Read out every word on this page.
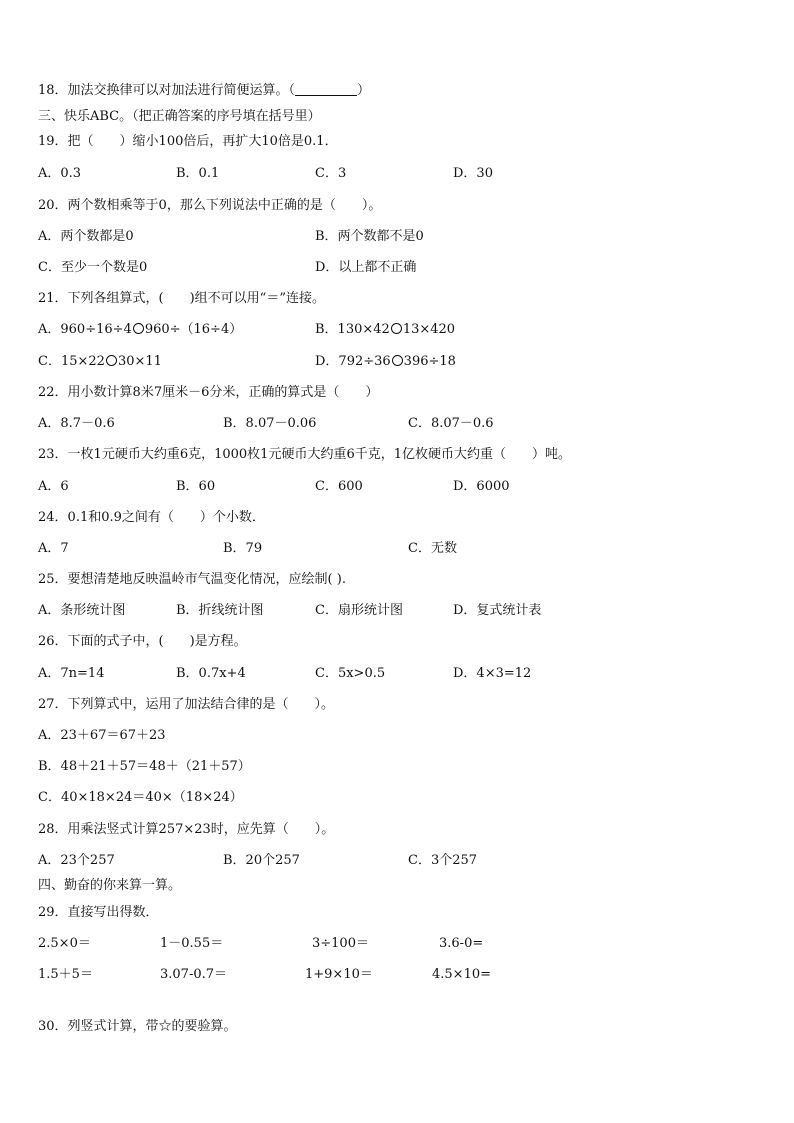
18．加法交换律可以对加法进行简便运算。（	）
三、快乐ABC。（把正确答案的序号填在括号里）
19．把（　　）缩小100倍后，再扩大10倍是0.1．
A．0.3	B．0.1	C．3	D．30
20．两个数相乘等于0，那么下列说法中正确的是（　　）。
A．两个数都是0	B．两个数都不是0
C．至少一个数是0	D．以上都不正确
21．下列各组算式，(　　)组不可以用“＝”连接。
A．960÷16÷4 960÷（16÷4）	B．130×42 13×420
C．15×22 30×11	D．792÷36 396÷18
22．用小数计算8米7厘米－6分米，正确的算式是（　　）
A．8.7－0.6	B．8.07－0.06	C．8.07－0.6
23．一枚1元硬币大约重6克，1000枚1元硬币大约重6千克，1亿枚硬币大约重（　　）吨。
A．6	B．60	C．600	D．6000
24．0.1和0.9之间有（　　）个小数．
A．7	B．79	C．无数
25．要想清楚地反映温岭市气温变化情况，应绘制( ).
A．条形统计图	B．折线统计图	C．扇形统计图	D．复式统计表
26．下面的式子中，(　　)是方程。
A．7n=14	B．0.7x+4	C．5x>0.5	D．4×3=12
27．下列算式中，运用了加法结合律的是（　　）。
A．23＋67＝67＋23
B．48＋21＋57＝48＋（21＋57）
C．40×18×24＝40×（18×24）
28．用乘法竖式计算257×23时，应先算（　　）。
A．23个257	B．20个257	C．3个257
四、勤奋的你来算一算。
29．直接写出得数．
2.5×0＝	1－0.55＝	3÷100＝	3.6-0=
1.5＋5＝	3.07-0.7＝	1+9×10＝	4.5×10=
30．列竖式计算，带☆的要验算。
